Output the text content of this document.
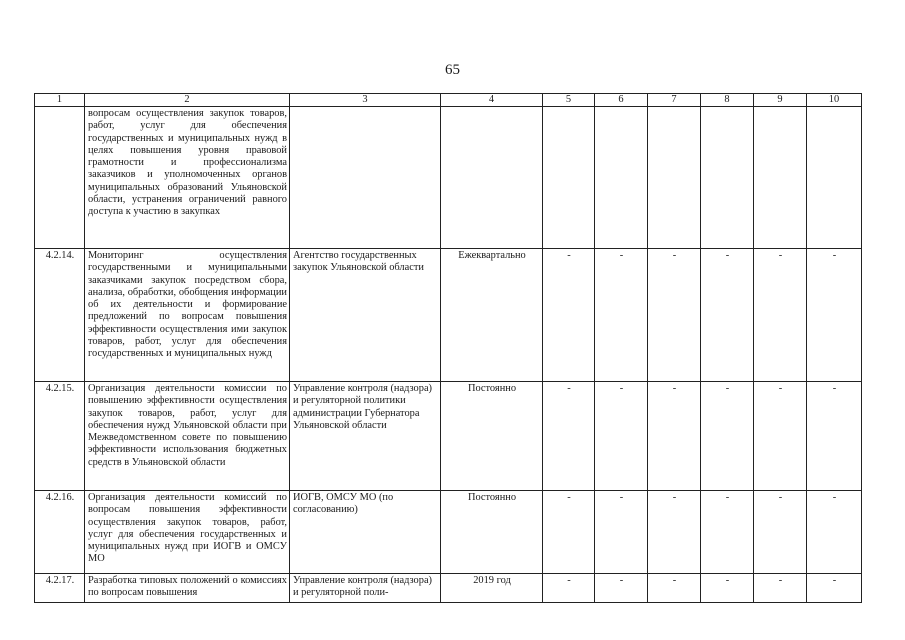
65
1	2	3	4	5	6	7	8	9	10
	вопросам осуществления закупок товаров, работ, услуг для обеспечения государственных и муниципальных нужд в целях повышения уровня правовой грамотности и профессионализма заказчиков и уполномоченных органов муниципальных образований Ульяновской области, устранения ограничений равного доступа к участию в закупках								
4.2.14.	Мониторинг осуществления государственными и муниципальными заказчиками закупок посредством сбора, анализа, обработки, обобщения информации об их деятельности и формирование предложений по вопросам повышения эффективности осуществления ими закупок товаров, работ, услуг для обеспечения государственных и муниципальных нужд	Агентство государственных закупок Ульяновской области	Ежеквартально	-	-	-	-	-	-
4.2.15.	Организация деятельности комиссии по повышению эффективности осуществления закупок товаров, работ, услуг для обеспечения нужд Ульяновской области при Межведомственном совете по повышению эффективности использования бюджетных средств в Ульяновской области	Управление контроля (надзора) и регуляторной политики администрации Губернатора Ульяновской области	Постоянно	-	-	-	-	-	-
4.2.16.	Организация деятельности комиссий по вопросам повышения эффективности осуществления закупок товаров, работ, услуг для обеспечения государственных и муниципальных нужд при ИОГВ и ОМСУ МО	ИОГВ, ОМСУ МО (по согласованию)	Постоянно	-	-	-	-	-	-
4.2.17.	Разработка типовых положений о комиссиях по вопросам повышения	Управление контроля (надзора) и регуляторной поли-	2019 год	-	-	-	-	-	-
